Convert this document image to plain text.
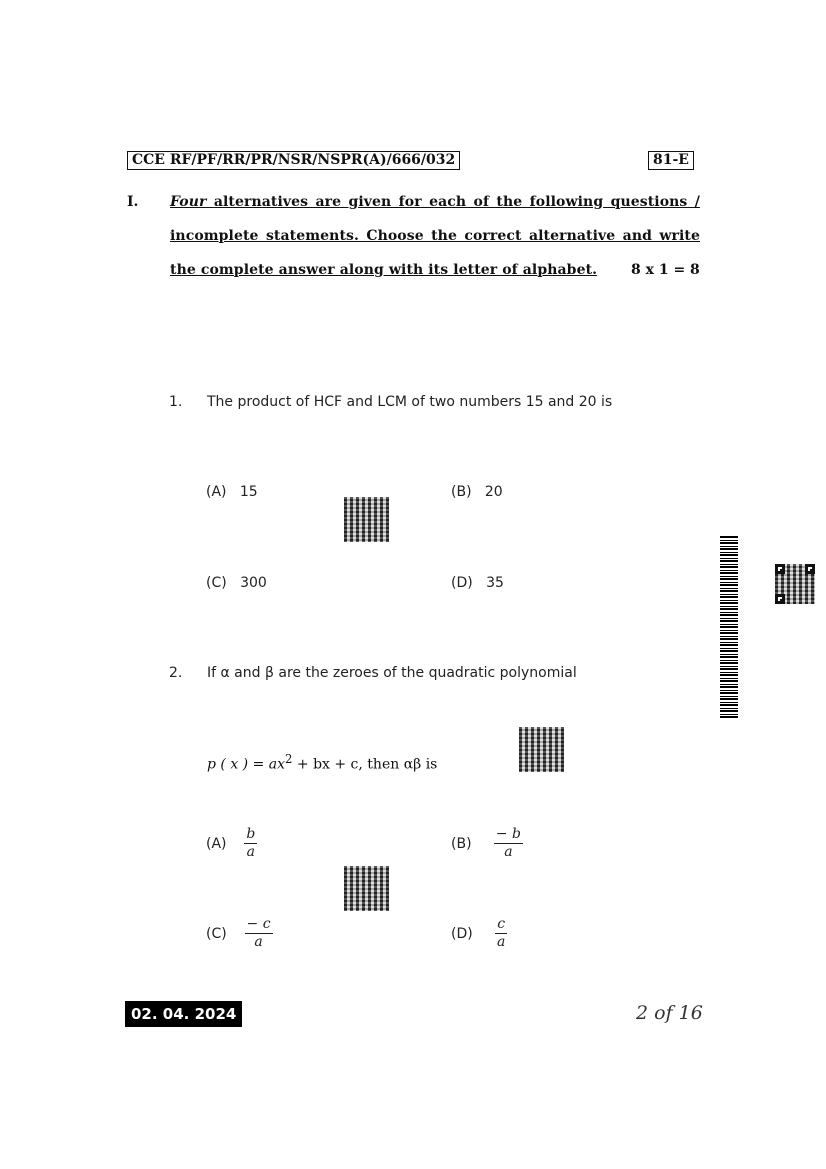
CCE RF/PF/RR/PR/NSR/NSPR(A)/666/032	81-E
I. Four alternatives are given for each of the following questions /
incomplete statements. Choose the correct alternative and write
the complete answer along with its letter of alphabet. 8 x 1 = 8
1. The product of HCF and LCM of two numbers 15 and 20 is
(A) 15	(B) 20
(C) 300	(D) 35
2. If α and β are the zeroes of the quadratic polynomial
p ( x ) = $ax^2$ + bx + c, then αβ is
(A)
$\frac{b}{a}$	(B)
$\frac{- b}{a}$
(C)
$\frac{- c}{a}$	(D)
$\frac{c}{a}$
02. 04. 2024	2 of 16
